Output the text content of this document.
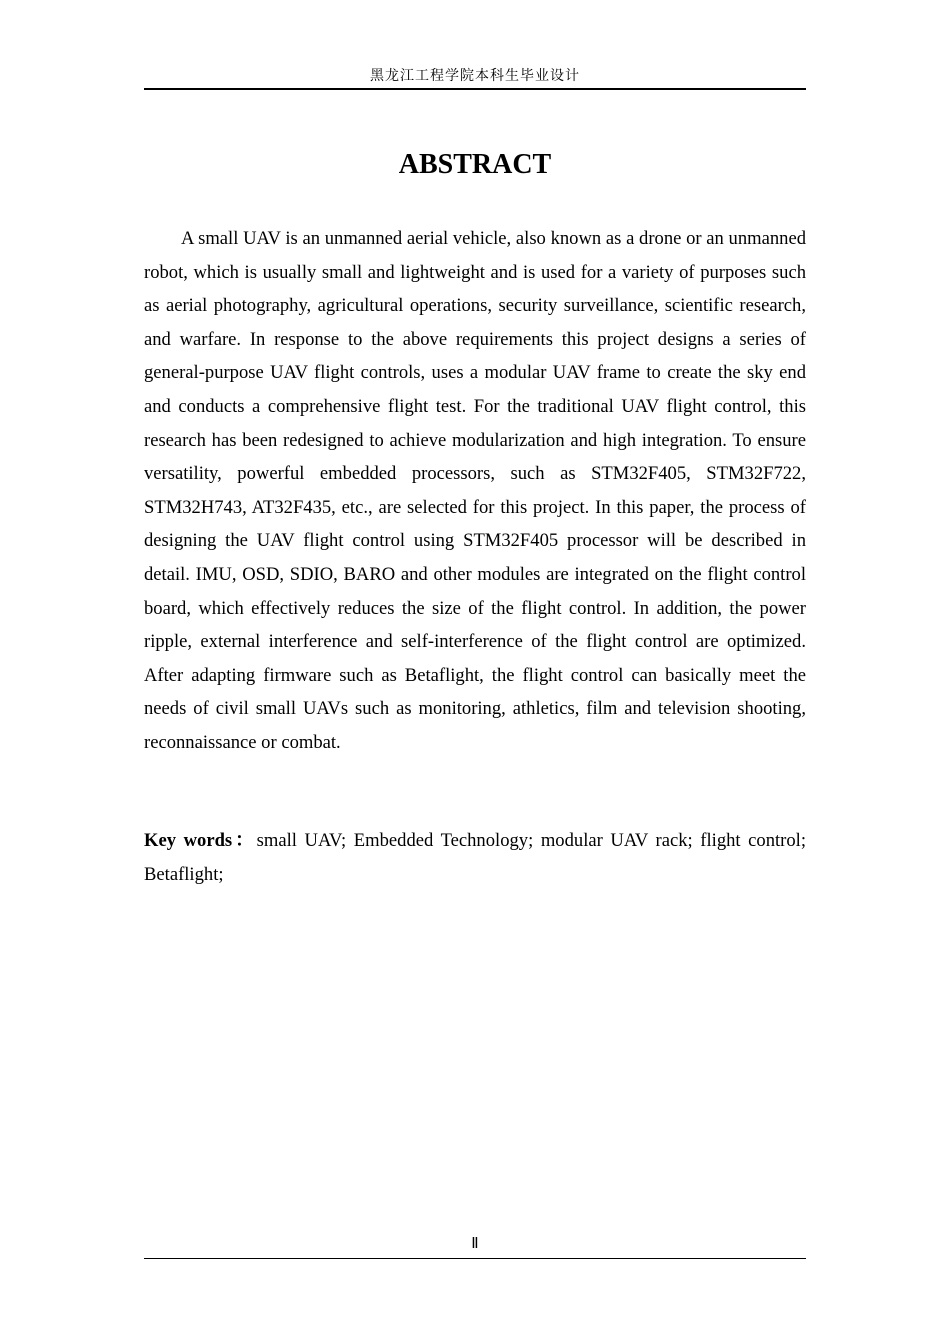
黑龙江工程学院本科生毕业设计
ABSTRACT

A small UAV is an unmanned aerial vehicle, also known as a drone or an unmanned robot, which is usually small and lightweight and is used for a variety of purposes such as aerial photography, agricultural operations, security surveillance, scientific research, and warfare. In response to the above requirements this project designs a series of general-purpose UAV flight controls, uses a modular UAV frame to create the sky end and conducts a comprehensive flight test. For the traditional UAV flight control, this research has been redesigned to achieve modularization and high integration. To ensure versatility, powerful embedded processors, such as STM32F405, STM32F722, STM32H743, AT32F435, etc., are selected for this project. In this paper, the process of designing the UAV flight control using STM32F405 processor will be described in detail. IMU, OSD, SDIO, BARO and other modules are integrated on the flight control board, which effectively reduces the size of the flight control. In addition, the power ripple, external interference and self-interference of the flight control are optimized. After adapting firmware such as Betaflight, the flight control can basically meet the needs of civil small UAVs such as monitoring, athletics, film and television shooting, reconnaissance or combat.

Key words：small UAV; Embedded Technology; modular UAV rack; flight control; Betaflight;

Ⅱ
